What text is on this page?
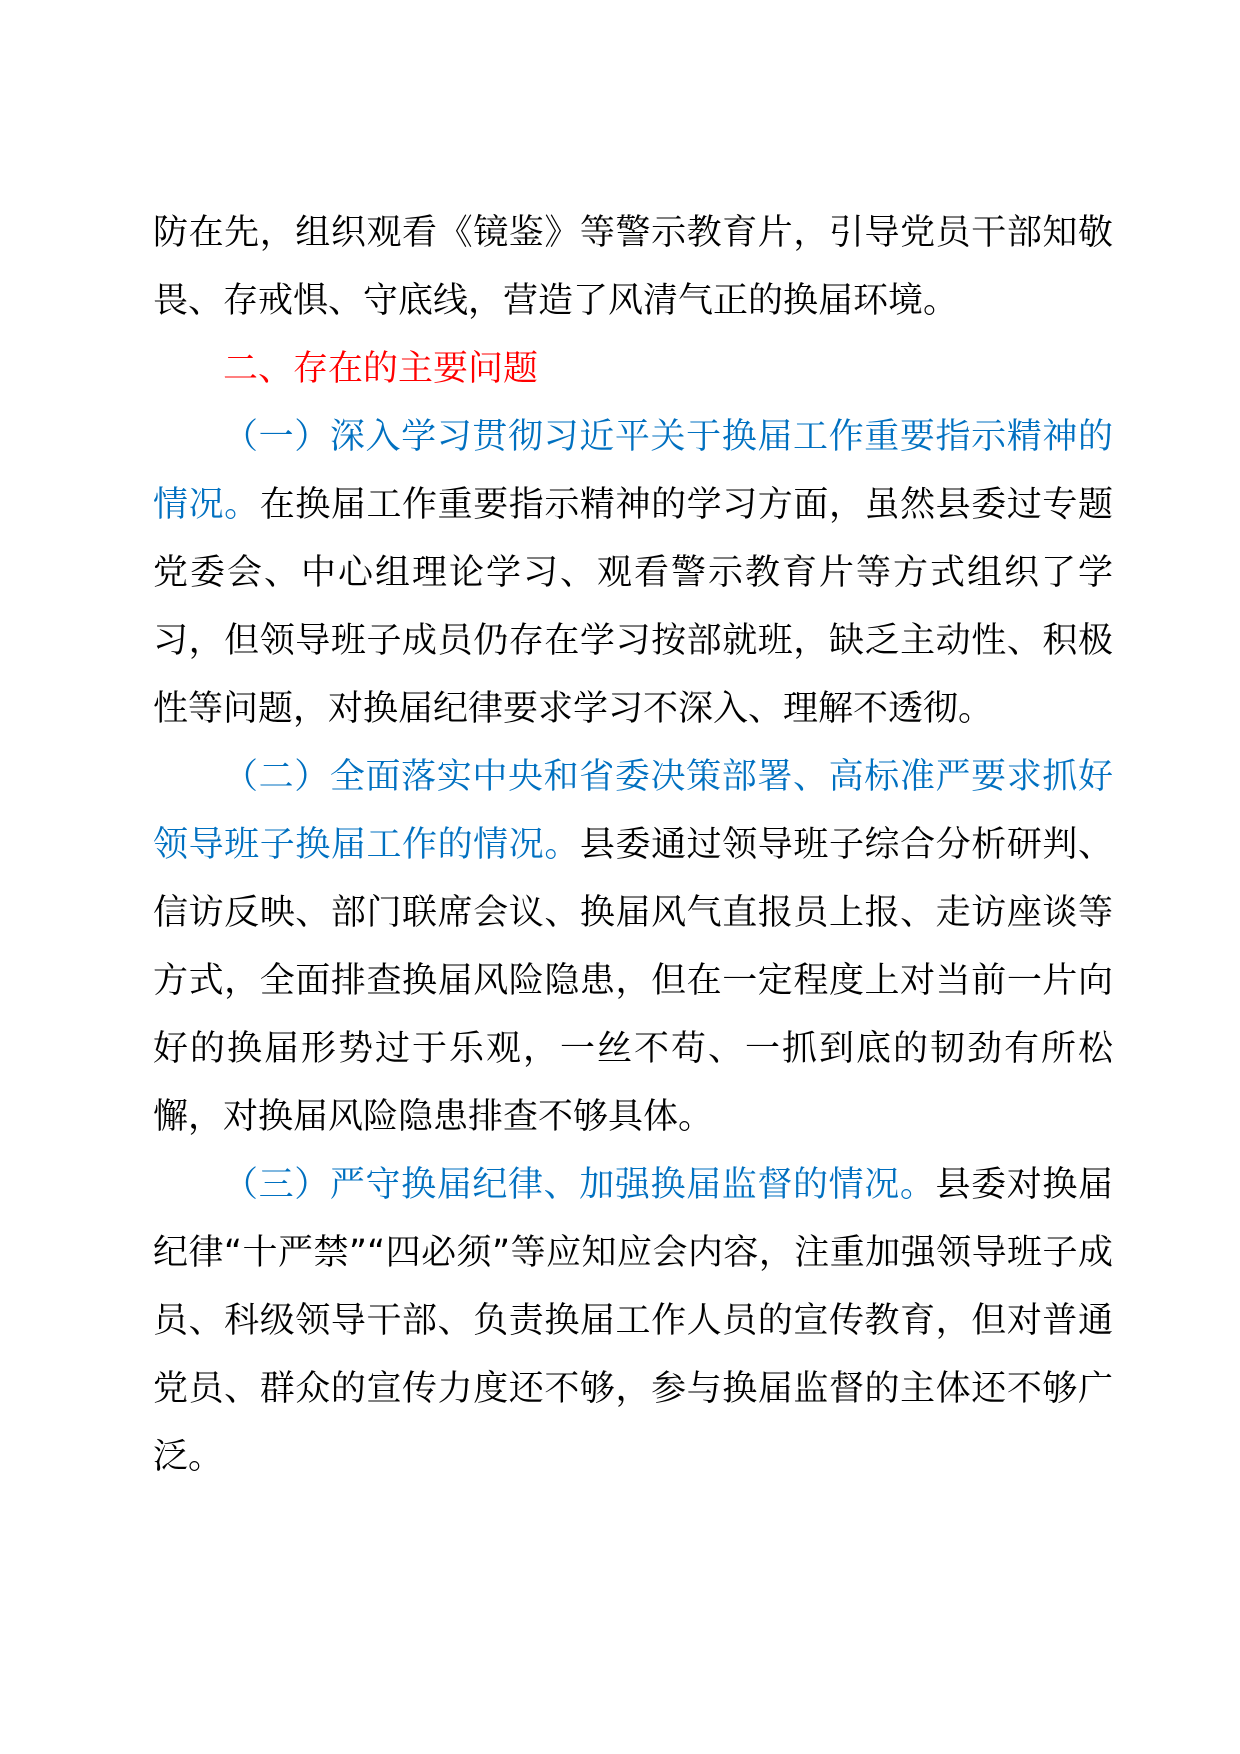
防在先，组织观看《镜鉴》等警示教育片，引导党员干部知敬畏、存戒惧、守底线，营造了风清气正的换届环境。

二、存在的主要问题

（一）深入学习贯彻习近平关于换届工作重要指示精神的情况。在换届工作重要指示精神的学习方面，虽然县委过专题党委会、中心组理论学习、观看警示教育片等方式组织了学习，但领导班子成员仍存在学习按部就班，缺乏主动性、积极性等问题，对换届纪律要求学习不深入、理解不透彻。

（二）全面落实中央和省委决策部署、高标准严要求抓好领导班子换届工作的情况。县委通过领导班子综合分析研判、信访反映、部门联席会议、换届风气直报员上报、走访座谈等方式，全面排查换届风险隐患，但在一定程度上对当前一片向好的换届形势过于乐观，一丝不苟、一抓到底的韧劲有所松懈，对换届风险隐患排查不够具体。

（三）严守换届纪律、加强换届监督的情况。县委对换届纪律“十严禁”“四必须”等应知应会内容，注重加强领导班子成员、科级领导干部、负责换届工作人员的宣传教育，但对普通党员、群众的宣传力度还不够，参与换届监督的主体还不够广泛。
